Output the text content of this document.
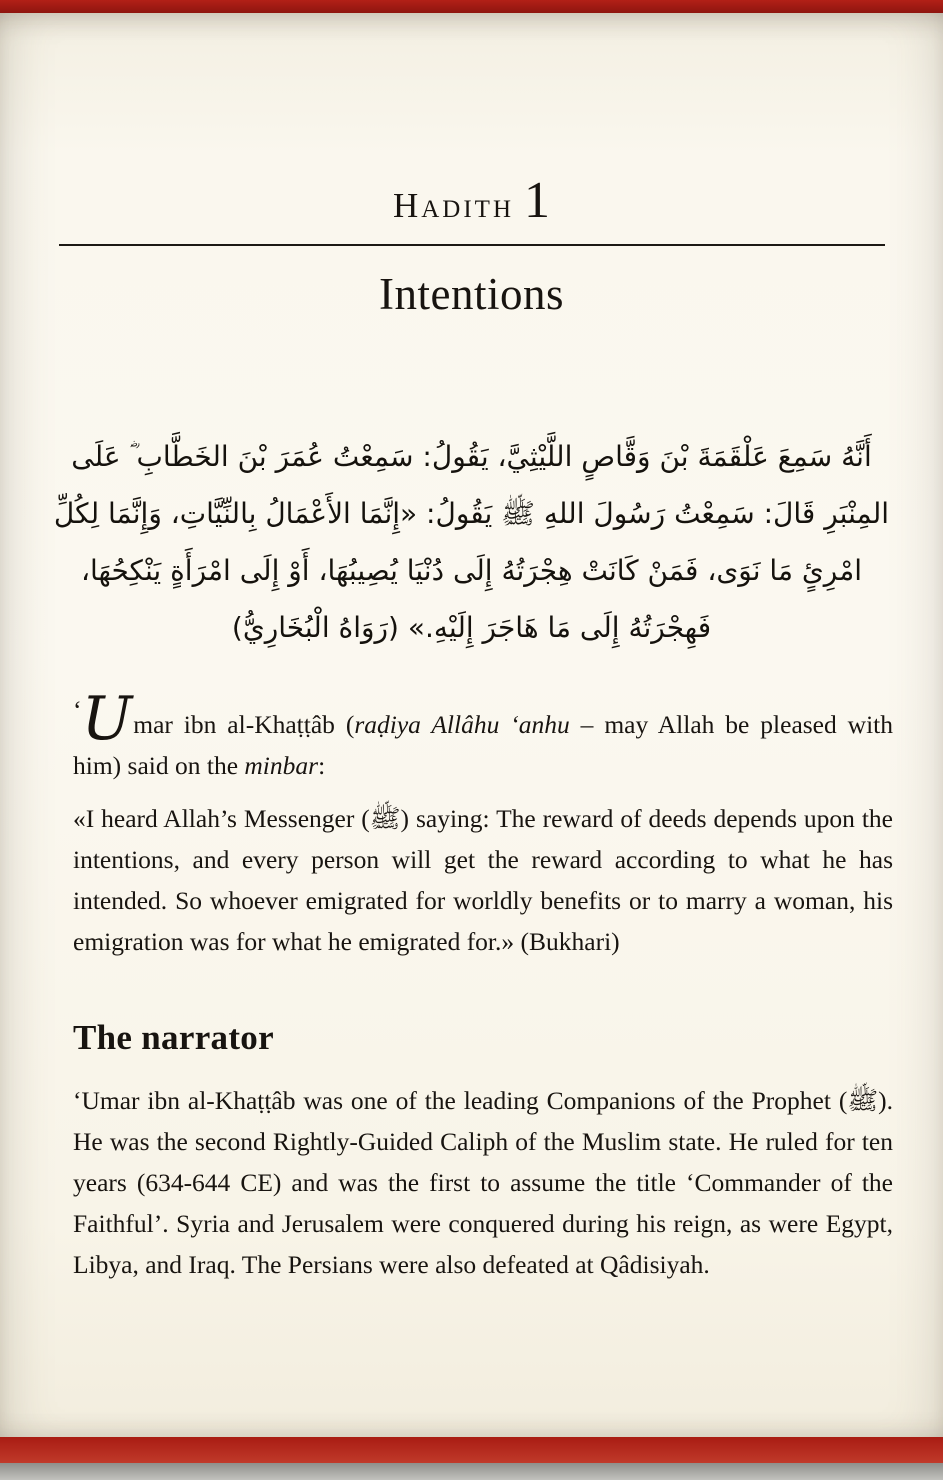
Hadith 1
Intentions
أَنَّهُ سَمِعَ عَلْقَمَةَ بْنَ وَقَّاصٍ اللَّيْثِيَّ، يَقُولُ: سَمِعْتُ عُمَرَ بْنَ الخَطَّابِ ؓ عَلَى
المِنْبَرِ قَالَ: سَمِعْتُ رَسُولَ اللهِ ﷺ يَقُولُ: «إِنَّمَا الأَعْمَالُ بِالنِّيَّاتِ، وَإِنَّمَا لِكُلِّ
امْرِئٍ مَا نَوَى، فَمَنْ كَانَتْ هِجْرَتُهُ إِلَى دُنْيَا يُصِيبُهَا، أَوْ إِلَى امْرَأَةٍ يَنْكِحُهَا،
فَهِجْرَتُهُ إِلَى مَا هَاجَرَ إِلَيْهِ.» (رَوَاهُ الْبُخَارِيُّ)

‘Umar ibn al-Khaṭṭâb (raḍiya Allâhu ‘anhu – may Allah be pleased with him) said on the minbar:

«I heard Allah’s Messenger (ﷺ) saying: The reward of deeds depends upon the intentions, and every person will get the reward according to what he has intended. So whoever emigrated for worldly benefits or to marry a woman, his emigration was for what he emigrated for.» (Bukhari)

The narrator

‘Umar ibn al-Khaṭṭâb was one of the leading Companions of the Prophet (ﷺ). He was the second Rightly-Guided Caliph of the Muslim state. He ruled for ten years (634-644 CE) and was the first to assume the title ‘Commander of the Faithful’. Syria and Jerusalem were conquered during his reign, as were Egypt, Libya, and Iraq. The Persians were also defeated at Qâdisiyah.
